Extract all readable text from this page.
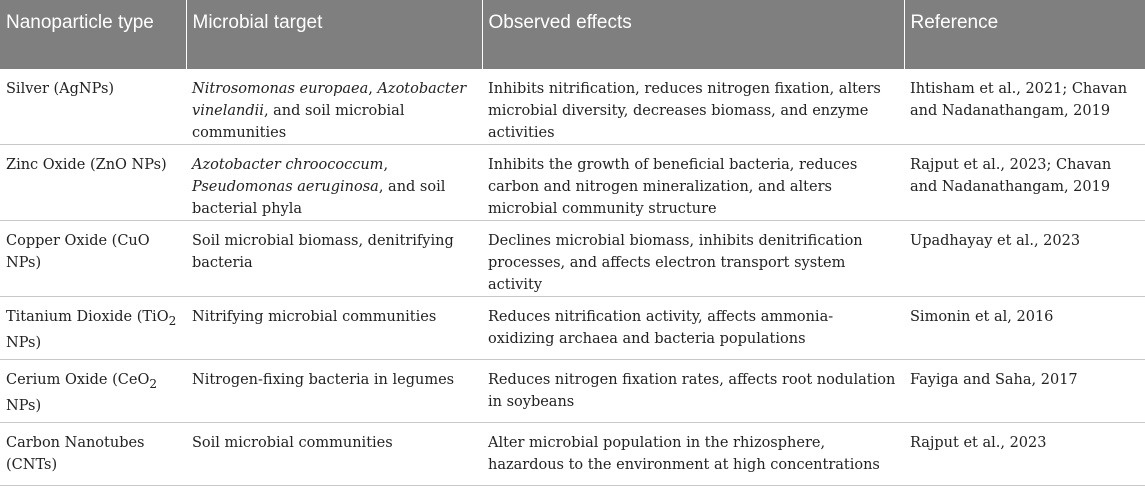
Nanoparticle type	Microbial target	Observed effects	Reference
Silver (AgNPs)	Nitrosomonas europaea, Azotobacter vinelandii, and soil microbial communities	Inhibits nitrification, reduces nitrogen fixation, alters microbial diversity, decreases biomass, and enzyme activities	Ihtisham et al., 2021; Chavan and Nadanathangam, 2019
Zinc Oxide (ZnO NPs)	Azotobacter chroococcum, Pseudomonas aeruginosa, and soil bacterial phyla	Inhibits the growth of beneficial bacteria, reduces carbon and nitrogen mineralization, and alters microbial community structure	Rajput et al., 2023; Chavan and Nadanathangam, 2019
Copper Oxide (CuO NPs)	Soil microbial biomass, denitrifying bacteria	Declines microbial biomass, inhibits denitrification processes, and affects electron transport system activity	Upadhayay et al., 2023
Titanium Dioxide (TiO$_2$ NPs)	Nitrifying microbial communities	Reduces nitrification activity, affects ammonia-oxidizing archaea and bacteria populations	Simonin et al, 2016
Cerium Oxide (CeO$_2$ NPs)	Nitrogen-fixing bacteria in legumes	Reduces nitrogen fixation rates, affects root nodulation in soybeans	Fayiga and Saha, 2017
Carbon Nanotubes (CNTs)	Soil microbial communities	Alter microbial population in the rhizosphere, hazardous to the environment at high concentrations	Rajput et al., 2023
